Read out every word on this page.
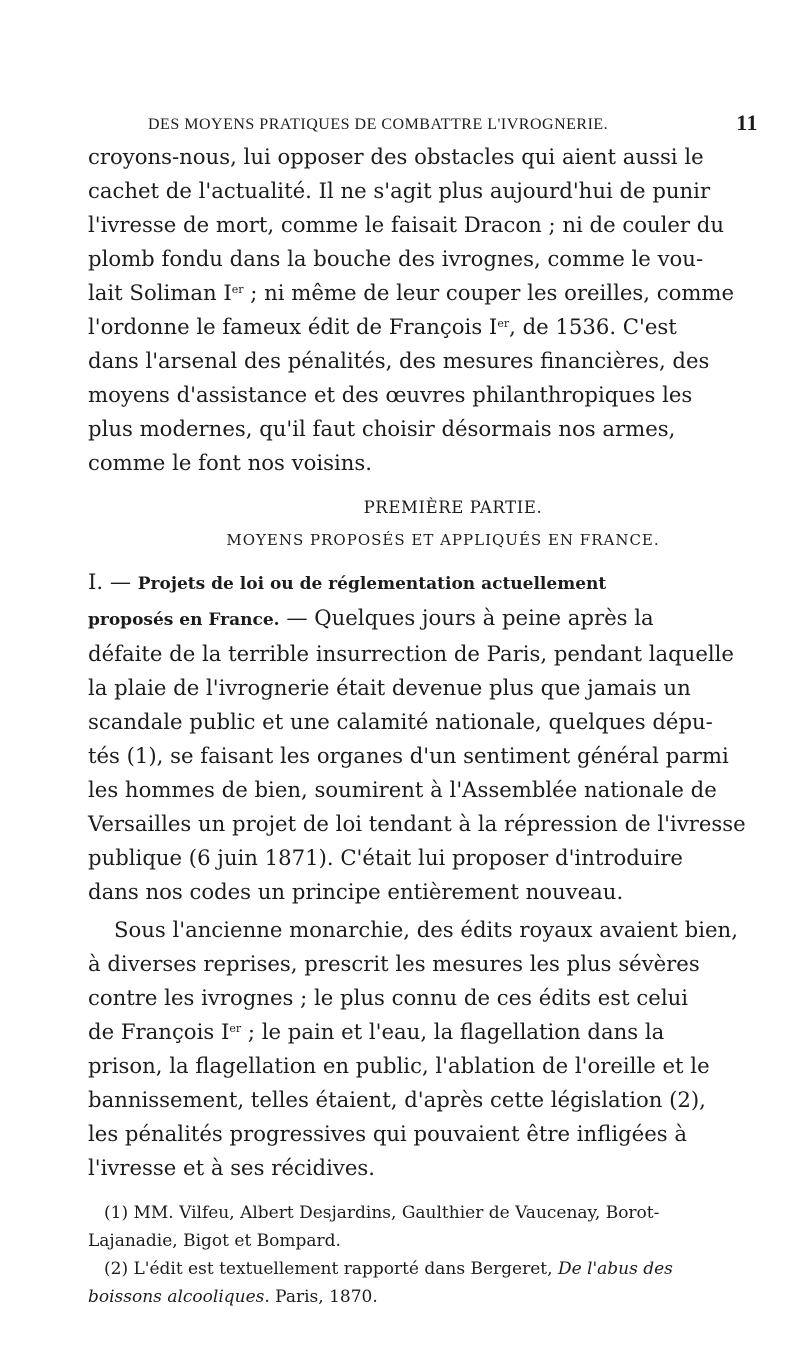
DES MOYENS PRATIQUES DE COMBATTRE L'IVROGNERIE.	11

croyons-nous, lui opposer des obstacles qui aient aussi le
cachet de l'actualité. Il ne s'agit plus aujourd'hui de punir
l'ivresse de mort, comme le faisait Dracon ; ni de couler du
plomb fondu dans la bouche des ivrognes, comme le vou-
lait Soliman Ier ; ni même de leur couper les oreilles, comme
l'ordonne le fameux édit de François Ier, de 1536. C'est
dans l'arsenal des pénalités, des mesures financières, des
moyens d'assistance et des œuvres philanthropiques les
plus modernes, qu'il faut choisir désormais nos armes,
comme le font nos voisins.

PREMIÈRE PARTIE.

MOYENS PROPOSÉS ET APPLIQUÉS EN FRANCE.

I. — Projets de loi ou de réglementation actuellement
proposés en France. — Quelques jours à peine après la
défaite de la terrible insurrection de Paris, pendant laquelle
la plaie de l'ivrognerie était devenue plus que jamais un
scandale public et une calamité nationale, quelques dépu-
tés (1), se faisant les organes d'un sentiment général parmi
les hommes de bien, soumirent à l'Assemblée nationale de
Versailles un projet de loi tendant à la répression de l'ivresse
publique (6 juin 1871). C'était lui proposer d'introduire
dans nos codes un principe entièrement nouveau.

Sous l'ancienne monarchie, des édits royaux avaient bien,
à diverses reprises, prescrit les mesures les plus sévères
contre les ivrognes ; le plus connu de ces édits est celui
de François Ier ; le pain et l'eau, la flagellation dans la
prison, la flagellation en public, l'ablation de l'oreille et le
bannissement, telles étaient, d'après cette législation (2),
les pénalités progressives qui pouvaient être infligées à
l'ivresse et à ses récidives.

(1) MM. Vilfeu, Albert Desjardins, Gaulthier de Vaucenay, Borot-

Lajanadie, Bigot et Bompard.

(2) L'édit est textuellement rapporté dans Bergeret, De l'abus des

boissons alcooliques. Paris, 1870.
